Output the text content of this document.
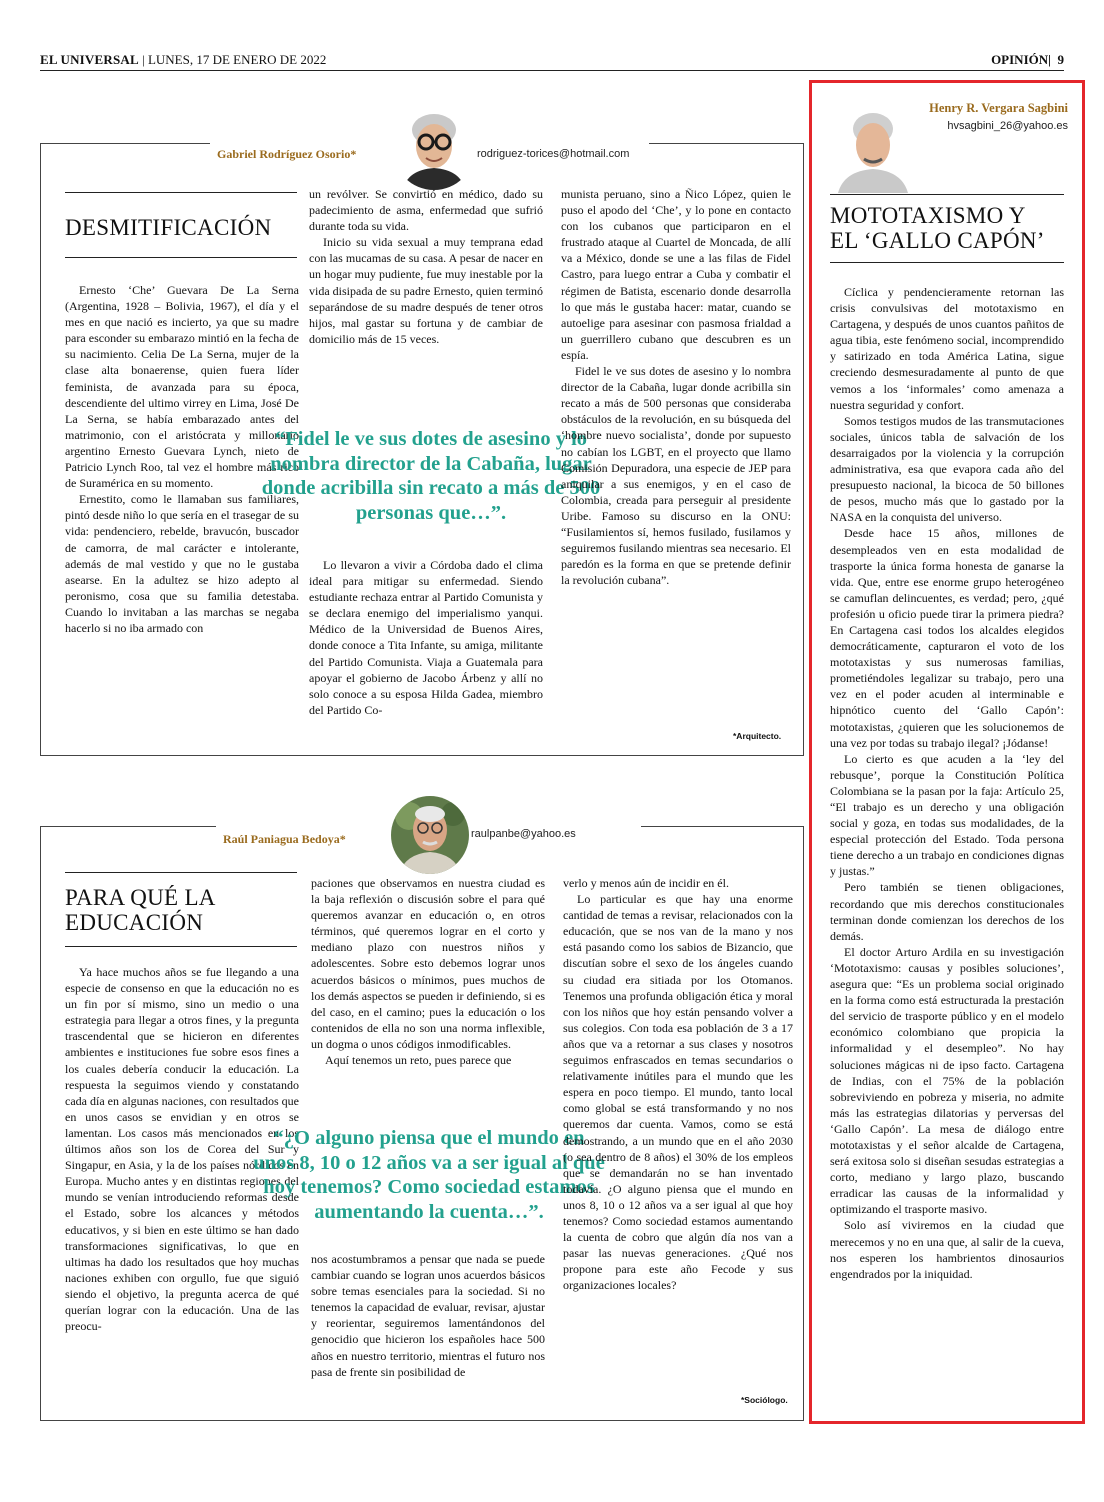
EL UNIVERSAL | LUNES, 17 DE ENERO DE 2022	OPINIÓN|  9
Gabriel Rodríguez Osorio*	rodriguez-torices@hotmail.com
DESMITIFICACIÓN

Ernesto ‘Che’ Guevara De La Serna (Argentina, 1928 – Bolivia, 1967), el día y el mes en que nació es incierto, ya que su madre para esconder su embarazo mintió en la fecha de su nacimiento. Celia De La Serna, mujer de la clase alta bonaerense, quien fuera líder feminista, de avanzada para su época, descendiente del ultimo virrey en Lima, José De La Serna, se había embarazado antes del matrimonio, con el aristócrata y millonario argentino Ernesto Guevara Lynch, nieto de Patricio Lynch Roo, tal vez el hombre más rico de Suramérica en su momento.

Ernestito, como le llamaban sus familiares, pintó desde niño lo que sería en el trasegar de su vida: pendenciero, rebelde, bravucón, buscador de camorra, de mal carácter e intolerante, además de mal vestido y que no le gustaba asearse. En la adultez se hizo adepto al peronismo, cosa que su familia detestaba. Cuando lo invitaban a las marchas se negaba hacerlo si no iba armado con

un revólver. Se convirtió en médico, dado su padecimiento de asma, enfermedad que sufrió durante toda su vida.

Inicio su vida sexual a muy temprana edad con las mucamas de su casa. A pesar de nacer en un hogar muy pudiente, fue muy inestable por la vida disipada de su padre Ernesto, quien terminó separándose de su madre después de tener otros hijos, mal gastar su fortuna y de cambiar de domicilio más de 15 veces.

“Fidel le ve sus dotes de asesino y lo nombra director de la Cabaña, lugar donde acribilla sin recato a más de 500 personas que…”.

Lo llevaron a vivir a Córdoba dado el clima ideal para mitigar su enfermedad. Siendo estudiante rechaza entrar al Partido Comunista y se declara enemigo del imperialismo yanqui. Médico de la Universidad de Buenos Aires, donde conoce a Tita Infante, su amiga, militante del Partido Comunista. Viaja a Guatemala para apoyar el gobierno de Jacobo Árbenz y allí no solo conoce a su esposa Hilda Gadea, miembro del Partido Co-

munista peruano, sino a Ñico López, quien le puso el apodo del ‘Che’, y lo pone en contacto con los cubanos que participaron en el frustrado ataque al Cuartel de Moncada, de allí va a México, donde se une a las filas de Fidel Castro, para luego entrar a Cuba y combatir el régimen de Batista, escenario donde desarrolla lo que más le gustaba hacer: matar, cuando se autoelige para asesinar con pasmosa frialdad a un guerrillero cubano que descubren es un espía.

Fidel le ve sus dotes de asesino y lo nombra director de la Cabaña, lugar donde acribilla sin recato a más de 500 personas que consideraba obstáculos de la revolución, en su búsqueda del ‘hombre nuevo socialista’, donde por supuesto no cabían los LGBT, en el proyecto que llamo Comisión Depuradora, una especie de JEP para aniquilar a sus enemigos, y en el caso de Colombia, creada para perseguir al presidente Uribe. Famoso su discurso en la ONU: “Fusilamientos sí, hemos fusilado, fusilamos y seguiremos fusilando mientras sea necesario. El paredón es la forma en que se pretende definir la revolución cubana”.

*Arquitecto.
Raúl Paniagua Bedoya*	raulpanbe@yahoo.es
PARA QUÉ LA
EDUCACIÓN

Ya hace muchos años se fue llegando a una especie de consenso en que la educación no es un fin por sí mismo, sino un medio o una estrategia para llegar a otros fines, y la pregunta trascendental que se hicieron en diferentes ambientes e instituciones fue sobre esos fines a los cuales debería conducir la educación. La respuesta la seguimos viendo y constatando cada día en algunas naciones, con resultados que en unos casos se envidian y en otros se lamentan. Los casos más mencionados en los últimos años son los de Corea del Sur y Singapur, en Asia, y la de los países nórdicos en Europa. Mucho antes y en distintas regiones del mundo se venían introduciendo reformas desde el Estado, sobre los alcances y métodos educativos, y si bien en este último se han dado transformaciones significativas, lo que en ultimas ha dado los resultados que hoy muchas naciones exhiben con orgullo, fue que siguió siendo el objetivo, la pregunta acerca de qué querían lograr con la educación. Una de las preocu-

paciones que observamos en nuestra ciudad es la baja reflexión o discusión sobre el para qué queremos avanzar en educación o, en otros términos, qué queremos lograr en el corto y mediano plazo con nuestros niños y adolescentes. Sobre esto debemos lograr unos acuerdos básicos o mínimos, pues muchos de los demás aspectos se pueden ir definiendo, si es del caso, en el camino; pues la educación o los contenidos de ella no son una norma inflexible, un dogma o unos códigos inmodificables.

Aquí tenemos un reto, pues parece que

“¿O alguno piensa que el mundo en unos 8, 10 o 12 años va a ser igual al que hoy tenemos? Como sociedad estamos aumentando la cuenta…”.

nos acostumbramos a pensar que nada se puede cambiar cuando se logran unos acuerdos básicos sobre temas esenciales para la sociedad. Si no tenemos la capacidad de evaluar, revisar, ajustar y reorientar, seguiremos lamentándonos del genocidio que hicieron los españoles hace 500 años en nuestro territorio, mientras el futuro nos pasa de frente sin posibilidad de

verlo y menos aún de incidir en él.

Lo particular es que hay una enorme cantidad de temas a revisar, relacionados con la educación, que se nos van de la mano y nos está pasando como los sabios de Bizancio, que discutían sobre el sexo de los ángeles cuando su ciudad era sitiada por los Otomanos. Tenemos una profunda obligación ética y moral con los niños que hoy están pensando volver a sus colegios. Con toda esa población de 3 a 17 años que va a retornar a sus clases y nosotros seguimos enfrascados en temas secundarios o relativamente inútiles para el mundo que les espera en poco tiempo. El mundo, tanto local como global se está transformando y no nos queremos dar cuenta. Vamos, como se está demostrando, a un mundo que en el año 2030 (o sea dentro de 8 años) el 30% de los empleos que se demandarán no se han inventado todavía. ¿O alguno piensa que el mundo en unos 8, 10 o 12 años va a ser igual al que hoy tenemos? Como sociedad estamos aumentando la cuenta de cobro que algún día nos van a pasar las nuevas generaciones. ¿Qué nos propone para este año Fecode y sus organizaciones locales?

*Sociólogo.
Henry R. Vergara Sagbini
hvsagbini_26@yahoo.es
MOTOTAXISMO Y
EL ‘GALLO CAPÓN’

Cíclica y pendencieramente retornan las crisis convulsivas del mototaxismo en Cartagena, y después de unos cuantos pañitos de agua tibia, este fenómeno social, incomprendido y satirizado en toda América Latina, sigue creciendo desmesuradamente al punto de que vemos a los ‘informales’ como amenaza a nuestra seguridad y confort.

Somos testigos mudos de las transmutaciones sociales, únicos tabla de salvación de los desarraigados por la violencia y la corrupción administrativa, esa que evapora cada año del presupuesto nacional, la bicoca de 50 billones de pesos, mucho más que lo gastado por la NASA en la conquista del universo.

Desde hace 15 años, millones de desempleados ven en esta modalidad de trasporte la única forma honesta de ganarse la vida. Que, entre ese enorme grupo heterogéneo se camuflan delincuentes, es verdad; pero, ¿qué profesión u oficio puede tirar la primera piedra? En Cartagena casi todos los alcaldes elegidos democráticamente, capturaron el voto de los mototaxistas y sus numerosas familias, prometiéndoles legalizar su trabajo, pero una vez en el poder acuden al interminable e hipnótico cuento del ‘Gallo Capón’: mototaxistas, ¿quieren que les solucionemos de una vez por todas su trabajo ilegal? ¡Jódanse!

Lo cierto es que acuden a la ‘ley del rebusque’, porque la Constitución Política Colombiana se la pasan por la faja: Artículo 25, “El trabajo es un derecho y una obligación social y goza, en todas sus modalidades, de la especial protección del Estado. Toda persona tiene derecho a un trabajo en condiciones dignas y justas.”

Pero también se tienen obligaciones, recordando que mis derechos constitucionales terminan donde comienzan los derechos de los demás.

El doctor Arturo Ardila en su investigación ‘Mototaxismo: causas y posibles soluciones’, asegura que: “Es un problema social originado en la forma como está estructurada la prestación del servicio de trasporte público y en el modelo económico colombiano que propicia la informalidad y el desempleo”. No hay soluciones mágicas ni de ipso facto. Cartagena de Indias, con el 75% de la población sobreviviendo en pobreza y miseria, no admite más las estrategias dilatorias y perversas del ‘Gallo Capón’. La mesa de diálogo entre mototaxistas y el señor alcalde de Cartagena, será exitosa solo si diseñan sesudas estrategias a corto, mediano y largo plazo, buscando erradicar las causas de la informalidad y optimizando el trasporte masivo.

Solo así viviremos en la ciudad que merecemos y no en una que, al salir de la cueva, nos esperen los hambrientos dinosaurios engendrados por la iniquidad.
